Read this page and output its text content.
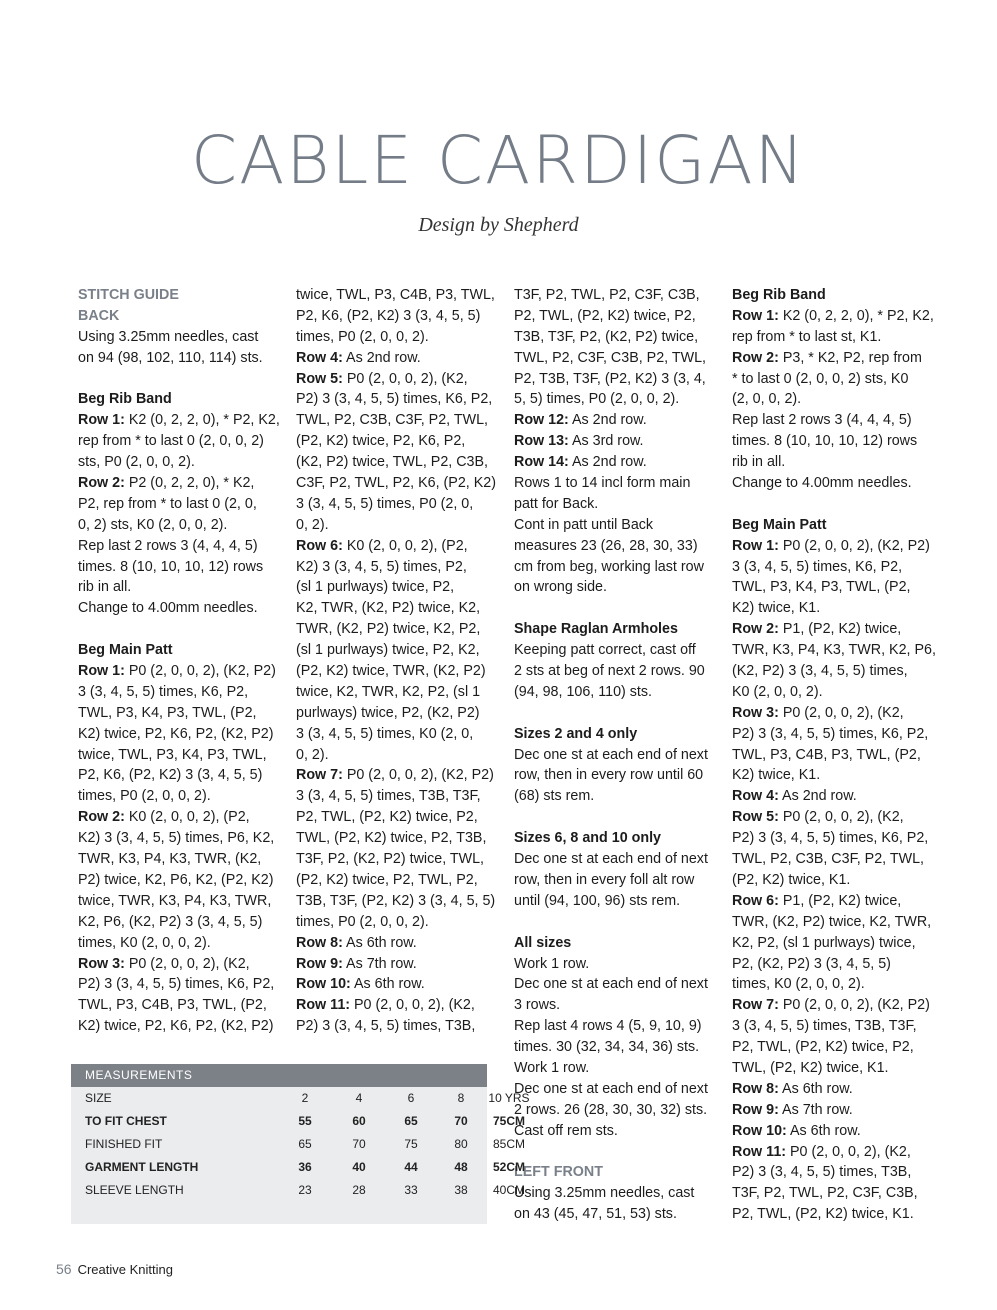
CABLE CARDIGAN
Design by Shepherd
STITCH GUIDE
BACK
Using 3.25mm needles, cast
on 94 (98, 102, 110, 114) sts.
Beg Rib Band
Row 1: K2 (0, 2, 2, 0), * P2, K2,
rep from * to last 0 (2, 0, 0, 2)
sts, P0 (2, 0, 0, 2).
Row 2: P2 (0, 2, 2, 0), * K2,
P2, rep from * to last 0 (2, 0,
0, 2) sts, K0 (2, 0, 0, 2).
Rep last 2 rows 3 (4, 4, 4, 5)
times. 8 (10, 10, 10, 12) rows
rib in all.
Change to 4.00mm needles.
Beg Main Patt
Row 1: P0 (2, 0, 0, 2), (K2, P2)
3 (3, 4, 5, 5) times, K6, P2,
TWL, P3, K4, P3, TWL, (P2,
K2) twice, P2, K6, P2, (K2, P2)
twice, TWL, P3, K4, P3, TWL,
P2, K6, (P2, K2) 3 (3, 4, 5, 5)
times, P0 (2, 0, 0, 2).
Row 2: K0 (2, 0, 0, 2), (P2,
K2) 3 (3, 4, 5, 5) times, P6, K2,
TWR, K3, P4, K3, TWR, (K2,
P2) twice, K2, P6, K2, (P2, K2)
twice, TWR, K3, P4, K3, TWR,
K2, P6, (K2, P2) 3 (3, 4, 5, 5)
times, K0 (2, 0, 0, 2).
Row 3: P0 (2, 0, 0, 2), (K2,
P2) 3 (3, 4, 5, 5) times, K6, P2,
TWL, P3, C4B, P3, TWL, (P2,
K2) twice, P2, K6, P2, (K2, P2)
twice, TWL, P3, C4B, P3, TWL,
P2, K6, (P2, K2) 3 (3, 4, 5, 5)
times, P0 (2, 0, 0, 2).
Row 4: As 2nd row.
Row 5: P0 (2, 0, 0, 2), (K2,
P2) 3 (3, 4, 5, 5) times, K6, P2,
TWL, P2, C3B, C3F, P2, TWL,
(P2, K2) twice, P2, K6, P2,
(K2, P2) twice, TWL, P2, C3B,
C3F, P2, TWL, P2, K6, (P2, K2)
3 (3, 4, 5, 5) times, P0 (2, 0,
0, 2).
Row 6: K0 (2, 0, 0, 2), (P2,
K2) 3 (3, 4, 5, 5) times, P2,
(sl 1 purlways) twice, P2,
K2, TWR, (K2, P2) twice, K2,
TWR, (K2, P2) twice, K2, P2,
(sl 1 purlways) twice, P2, K2,
(P2, K2) twice, TWR, (K2, P2)
twice, K2, TWR, K2, P2, (sl 1
purlways) twice, P2, (K2, P2)
3 (3, 4, 5, 5) times, K0 (2, 0,
0, 2).
Row 7: P0 (2, 0, 0, 2), (K2, P2)
3 (3, 4, 5, 5) times, T3B, T3F,
P2, TWL, (P2, K2) twice, P2,
TWL, (P2, K2) twice, P2, T3B,
T3F, P2, (K2, P2) twice, TWL,
(P2, K2) twice, P2, TWL, P2,
T3B, T3F, (P2, K2) 3 (3, 4, 5, 5)
times, P0 (2, 0, 0, 2).
Row 8: As 6th row.
Row 9: As 7th row.
Row 10: As 6th row.
Row 11: P0 (2, 0, 0, 2), (K2,
P2) 3 (3, 4, 5, 5) times, T3B,
T3F, P2, TWL, P2, C3F, C3B,
P2, TWL, (P2, K2) twice, P2,
T3B, T3F, P2, (K2, P2) twice,
TWL, P2, C3F, C3B, P2, TWL,
P2, T3B, T3F, (P2, K2) 3 (3, 4,
5, 5) times, P0 (2, 0, 0, 2).
Row 12: As 2nd row.
Row 13: As 3rd row.
Row 14: As 2nd row.
Rows 1 to 14 incl form main
patt for Back.
Cont in patt until Back
measures 23 (26, 28, 30, 33)
cm from beg, working last row
on wrong side.
Shape Raglan Armholes
Keeping patt correct, cast off
2 sts at beg of next 2 rows. 90
(94, 98, 106, 110) sts.
Sizes 2 and 4 only
Dec one st at each end of next
row, then in every row until 60
(68) sts rem.
Sizes 6, 8 and 10 only
Dec one st at each end of next
row, then in every foll alt row
until (94, 100, 96) sts rem.
All sizes
Work 1 row.
Dec one st at each end of next
3 rows.
Rep last 4 rows 4 (5, 9, 10, 9)
times. 30 (32, 34, 34, 36) sts.
Work 1 row.
Dec one st at each end of next
2 rows. 26 (28, 30, 30, 32) sts.
Cast off rem sts.
LEFT FRONT
Using 3.25mm needles, cast
on 43 (45, 47, 51, 53) sts.
Beg Rib Band
Row 1: K2 (0, 2, 2, 0), * P2, K2,
rep from * to last st, K1.
Row 2: P3, * K2, P2, rep from
* to last 0 (2, 0, 0, 2) sts, K0
(2, 0, 0, 2).
Rep last 2 rows 3 (4, 4, 4, 5)
times. 8 (10, 10, 10, 12) rows
rib in all.
Change to 4.00mm needles.
Beg Main Patt
Row 1: P0 (2, 0, 0, 2), (K2, P2)
3 (3, 4, 5, 5) times, K6, P2,
TWL, P3, K4, P3, TWL, (P2,
K2) twice, K1.
Row 2: P1, (P2, K2) twice,
TWR, K3, P4, K3, TWR, K2, P6,
(K2, P2) 3 (3, 4, 5, 5) times,
K0 (2, 0, 0, 2).
Row 3: P0 (2, 0, 0, 2), (K2,
P2) 3 (3, 4, 5, 5) times, K6, P2,
TWL, P3, C4B, P3, TWL, (P2,
K2) twice, K1.
Row 4: As 2nd row.
Row 5: P0 (2, 0, 0, 2), (K2,
P2) 3 (3, 4, 5, 5) times, K6, P2,
TWL, P2, C3B, C3F, P2, TWL,
(P2, K2) twice, K1.
Row 6: P1, (P2, K2) twice,
TWR, (K2, P2) twice, K2, TWR,
K2, P2, (sl 1 purlways) twice,
P2, (K2, P2) 3 (3, 4, 5, 5)
times, K0 (2, 0, 0, 2).
Row 7: P0 (2, 0, 0, 2), (K2, P2)
3 (3, 4, 5, 5) times, T3B, T3F,
P2, TWL, (P2, K2) twice, P2,
TWL, (P2, K2) twice, K1.
Row 8: As 6th row.
Row 9: As 7th row.
Row 10: As 6th row.
Row 11: P0 (2, 0, 0, 2), (K2,
P2) 3 (3, 4, 5, 5) times, T3B,
T3F, P2, TWL, P2, C3F, C3B,
P2, TWL, (P2, K2) twice, K1.
MEASUREMENTS
SIZE	2	4	6	8	10 YRS
TO FIT CHEST	55	60	65	70	75CM
FINISHED FIT	65	70	75	80	85CM
GARMENT LENGTH	36	40	44	48	52CM
SLEEVE LENGTH	23	28	33	38	40CM
56 Creative Knitting
